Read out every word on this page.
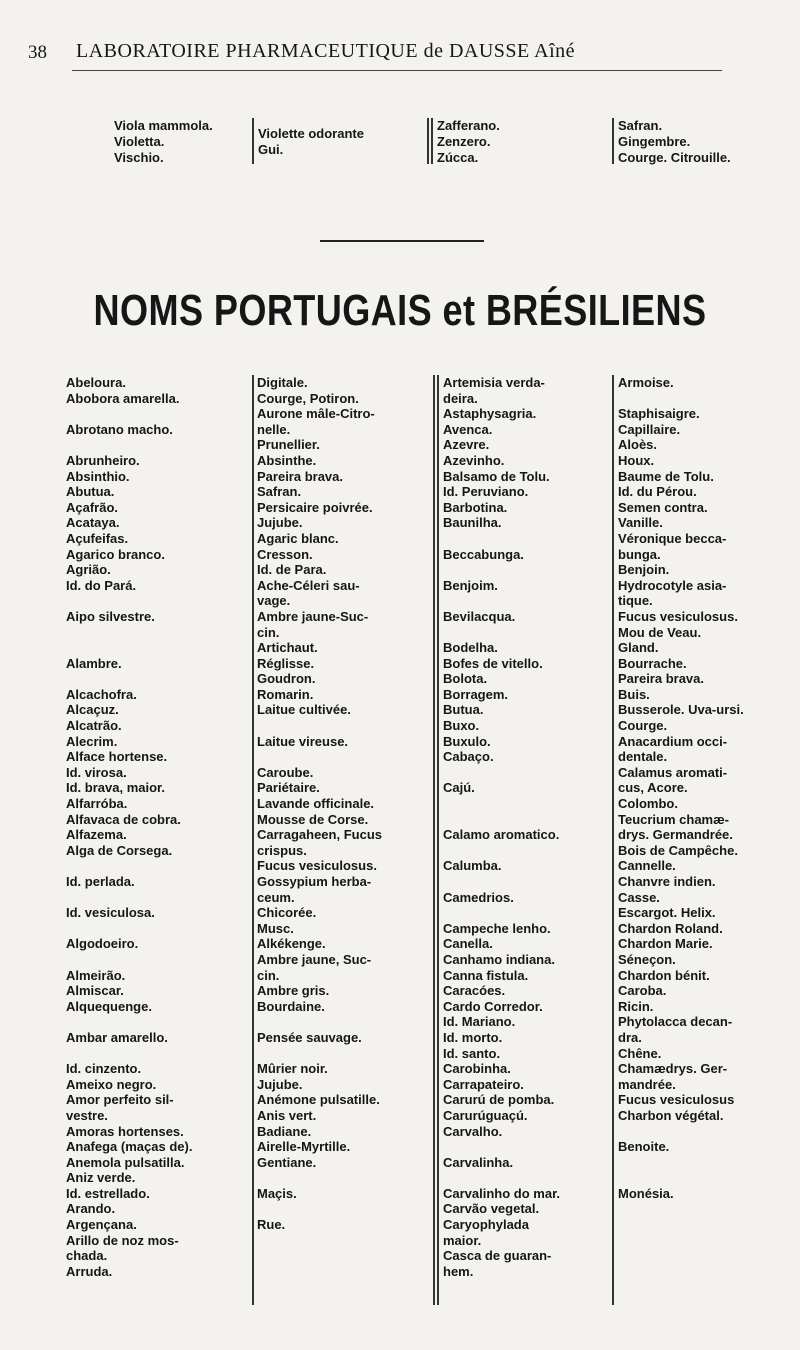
38 LABORATOIRE PHARMACEUTIQUE de DAUSSE Aîné
Viola mammola.
Violetta.
Vischio.
Violette odorante
Gui.
Zafferano.
Zenzero.
Zúcca.
Safran.
Gingembre.
Courge. Citrouille.
NOMS PORTUGAIS et BRÉSILIENS
Abeloura.
Abobora amarella.

Abrotano macho.

Abrunheiro.
Absinthio.
Abutua.
Açafrão.
Acataya.
Açufeifas.
Agarico branco.
Agrião.
Id. do Pará.

Aipo silvestre.

Alambre.

Alcachofra.
Alcaçuz.
Alcatrão.
Alecrim.
Alface hortense.
Id. virosa.
Id. brava, maior.
Alfarróba.
Alfavaca de cobra.
Alfazema.
Alga de Corsega.

Id. perlada.

Id. vesiculosa.

Algodoeiro.

Almeirão.
Almiscar.
Alquequenge.

Ambar amarello.

Id. cinzento.
Ameixo negro.
Amor perfeito sil-
vestre.
Amoras hortenses.
Anafega (maças de).
Anemola pulsatilla.
Aniz verde.
Id. estrellado.
Arando.
Argençana.
Arillo de noz mos-
chada.
Arruda.
Digitale.
Courge, Potiron.
Aurone mâle-Citro-
nelle.
Prunellier.
Absinthe.
Pareira brava.
Safran.
Persicaire poivrée.
Jujube.
Agaric blanc.
Cresson.
Id. de Para.
Ache-Céleri sau-
vage.
Ambre jaune-Suc-
cin.
Artichaut.
Réglisse.
Goudron.
Romarin.
Laitue cultivée.

Laitue vireuse.

Caroube.
Pariétaire.
Lavande officinale.
Mousse de Corse.
Carragaheen, Fucus
crispus.
Fucus vesiculosus.
Gossypium herba-
ceum.
Chicorée.
Musc.
Alkékenge.
Ambre jaune, Suc-
cin.
Ambre gris.
Bourdaine.

Pensée sauvage.

Mûrier noir.
Jujube.
Anémone pulsatille.
Anis vert.
Badiane.
Airelle-Myrtille.
Gentiane.

Maçis.

Rue.
Artemisia verda-
deira.
Astaphysagria.
Avenca.
Azevre.
Azevinho.
Balsamo de Tolu.
Id. Peruviano.
Barbotina.
Baunilha.

Beccabunga.

Benjoim.

Bevilacqua.

Bodelha.
Bofes de vitello.
Bolota.
Borragem.
Butua.
Buxo.
Buxulo.
Cabaço.

Cajú.

Calamo aromatico.

Calumba.

Camedrios.

Campeche lenho.
Canella.
Canhamo indiana.
Canna fistula.
Caracóes.
Cardo Corredor.
Id. Mariano.
Id. morto.
Id. santo.
Carobinha.
Carrapateiro.
Carurú de pomba.
Carurúguaçú.
Carvalho.

Carvalinha.

Carvalinho do mar.
Carvão vegetal.
Caryophylada
maior.
Casca de guaran-
hem.
Armoise.

Staphisaigre.
Capillaire.
Aloès.
Houx.
Baume de Tolu.
Id. du Pérou.
Semen contra.
Vanille.
Véronique becca-
bunga.
Benjoin.
Hydrocotyle asia-
tique.
Fucus vesiculosus.
Mou de Veau.
Gland.
Bourrache.
Pareira brava.
Buis.
Busserole. Uva-ursi.
Courge.
Anacardium occi-
dentale.
Calamus aromati-
cus, Acore.
Colombo.
Teucrium chamæ-
drys. Germandrée.
Bois de Campêche.
Cannelle.
Chanvre indien.
Casse.
Escargot. Helix.
Chardon Roland.
Chardon Marie.
Séneçon.
Chardon bénit.
Caroba.
Ricin.
Phytolacca decan-
dra.
Chêne.
Chamædrys. Ger-
mandrée.
Fucus vesiculosus
Charbon végétal.

Benoite.

Monésia.
